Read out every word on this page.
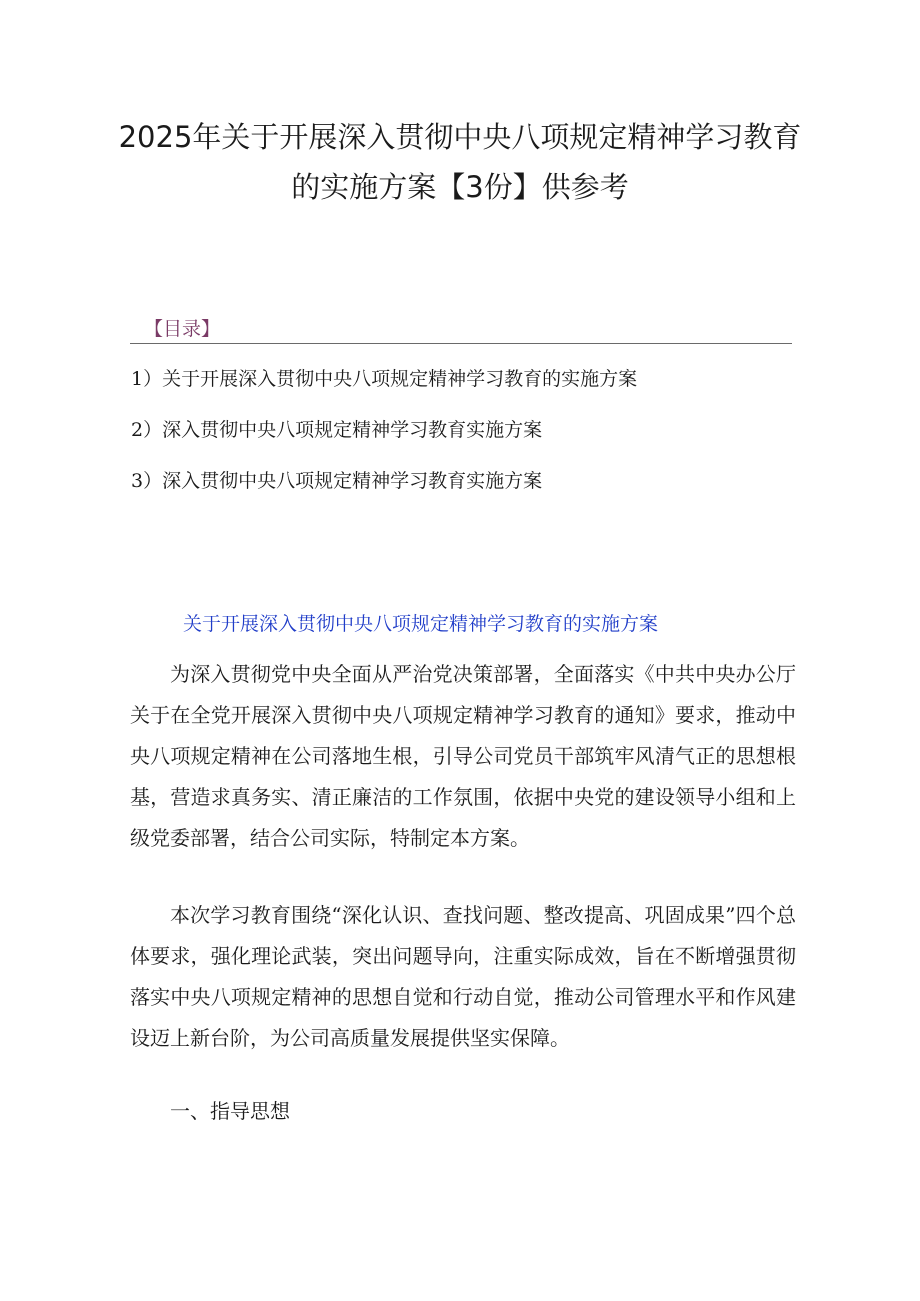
2025年关于开展深入贯彻中央八项规定精神学习教育的实施方案【3份】供参考
【目录】
1）关于开展深入贯彻中央八项规定精神学习教育的实施方案
2）深入贯彻中央八项规定精神学习教育实施方案
3）深入贯彻中央八项规定精神学习教育实施方案
关于开展深入贯彻中央八项规定精神学习教育的实施方案

为深入贯彻党中央全面从严治党决策部署，全面落实《中共中央办公厅关于在全党开展深入贯彻中央八项规定精神学习教育的通知》要求，推动中央八项规定精神在公司落地生根，引导公司党员干部筑牢风清气正的思想根基，营造求真务实、清正廉洁的工作氛围，依据中央党的建设领导小组和上级党委部署，结合公司实际，特制定本方案。

本次学习教育围绕“深化认识、查找问题、整改提高、巩固成果”四个总体要求，强化理论武装，突出问题导向，注重实际成效，旨在不断增强贯彻落实中央八项规定精神的思想自觉和行动自觉，推动公司管理水平和作风建设迈上新台阶，为公司高质量发展提供坚实保障。

一、指导思想
